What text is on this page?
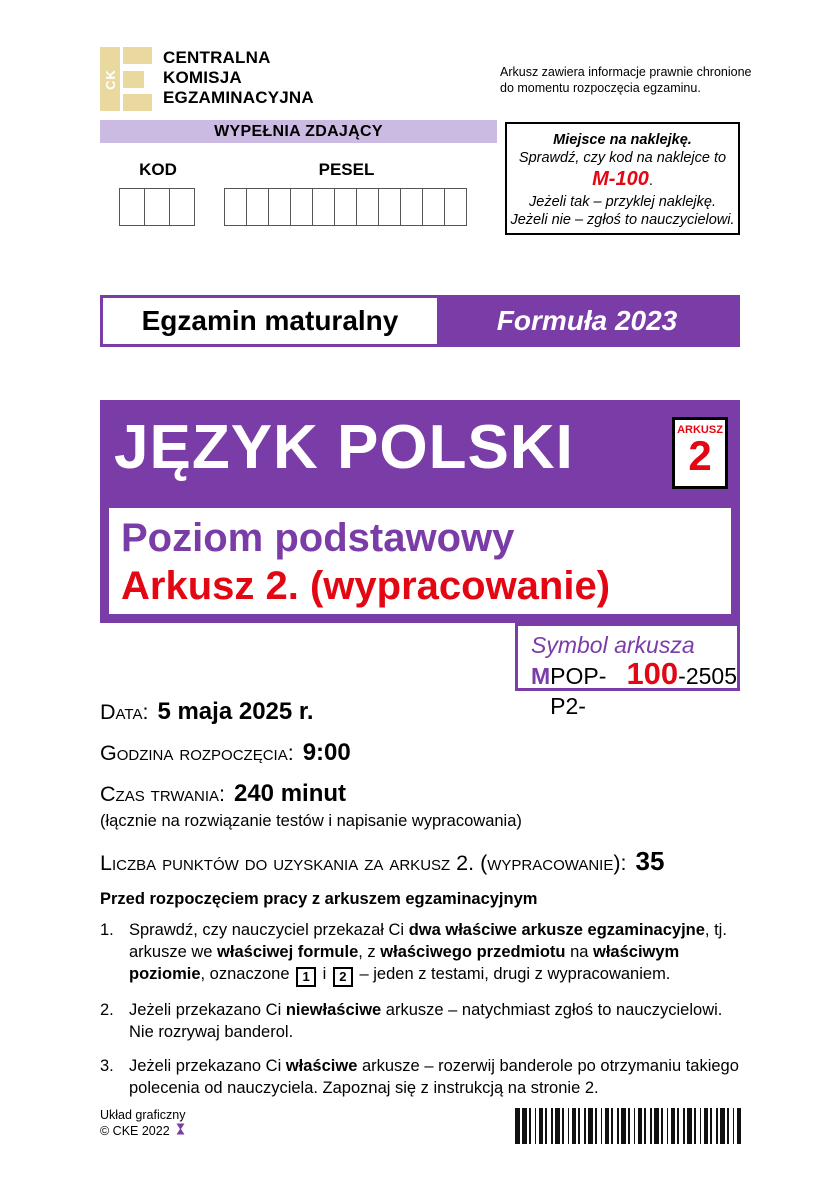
CK
CENTRALNA
KOMISJA
EGZAMINACYJNA
Arkusz zawiera informacje prawnie chronione
do momentu rozpoczęcia egzaminu.
WYPEŁNIA ZDAJĄCY
KOD	PESEL
Miejsce na naklejkę.
Sprawdź, czy kod na naklejce to
M-100.
Jeżeli tak – przyklej naklejkę.
Jeżeli nie – zgłoś to nauczycielowi.
Egzamin maturalny	Formuła 2023
JĘZYK POLSKI	ARKUSZ
2
Poziom podstawowy
Arkusz 2. (wypracowanie)
Symbol arkusza
M POP-P2-
100 -2505
Data: 5 maja 2025 r.
Godzina rozpoczęcia: 9:00
Czas trwania: 240 minut
(łącznie na rozwiązanie testów i napisanie wypracowania)
Liczba punktów do uzyskania za arkusz 2. (wypracowanie): 35
Przed rozpoczęciem pracy z arkuszem egzaminacyjnym
1. Sprawdź, czy nauczyciel przekazał Ci dwa właściwe arkusze egzaminacyjne, tj. arkusze we właściwej formule, z właściwego przedmiotu na właściwym poziomie, oznaczone 1 i 2 – jeden z testami, drugi z wypracowaniem.
2. Jeżeli przekazano Ci niewłaściwe arkusze – natychmiast zgłoś to nauczycielowi. Nie rozrywaj banderol.
3. Jeżeli przekazano Ci właściwe arkusze – rozerwij banderole po otrzymaniu takiego polecenia od nauczyciela. Zapoznaj się z instrukcją na stronie 2.
Układ graficzny
© CKE 2022
